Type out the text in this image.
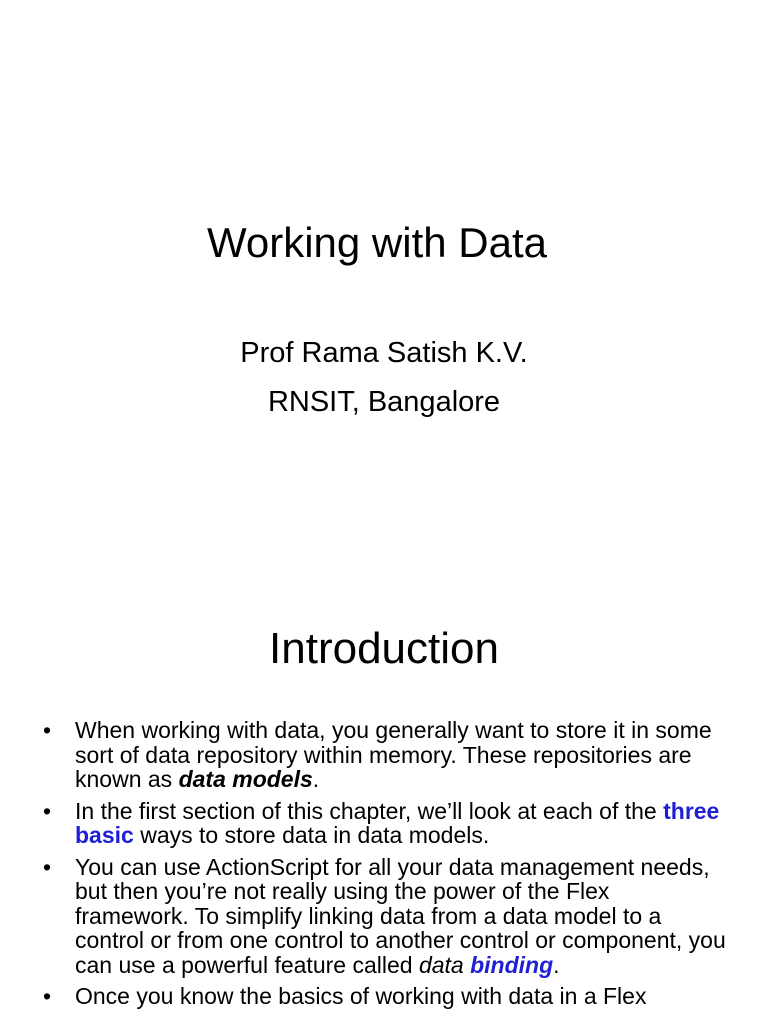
Working with Data

Prof Rama Satish K.V.

RNSIT, Bangalore

Introduction
• When working with data, you generally want to store it in some sort of data repository within memory. These repositories are known as data models.
• In the first section of this chapter, we’ll look at each of the three basic ways to store data in data models.
• You can use ActionScript for all your data management needs, but then you’re not really using the power of the Flex framework. To simplify linking data from a data model to a control or from one control to another control or component, you can use a powerful feature called data binding.
• Once you know the basics of working with data in a Flex
